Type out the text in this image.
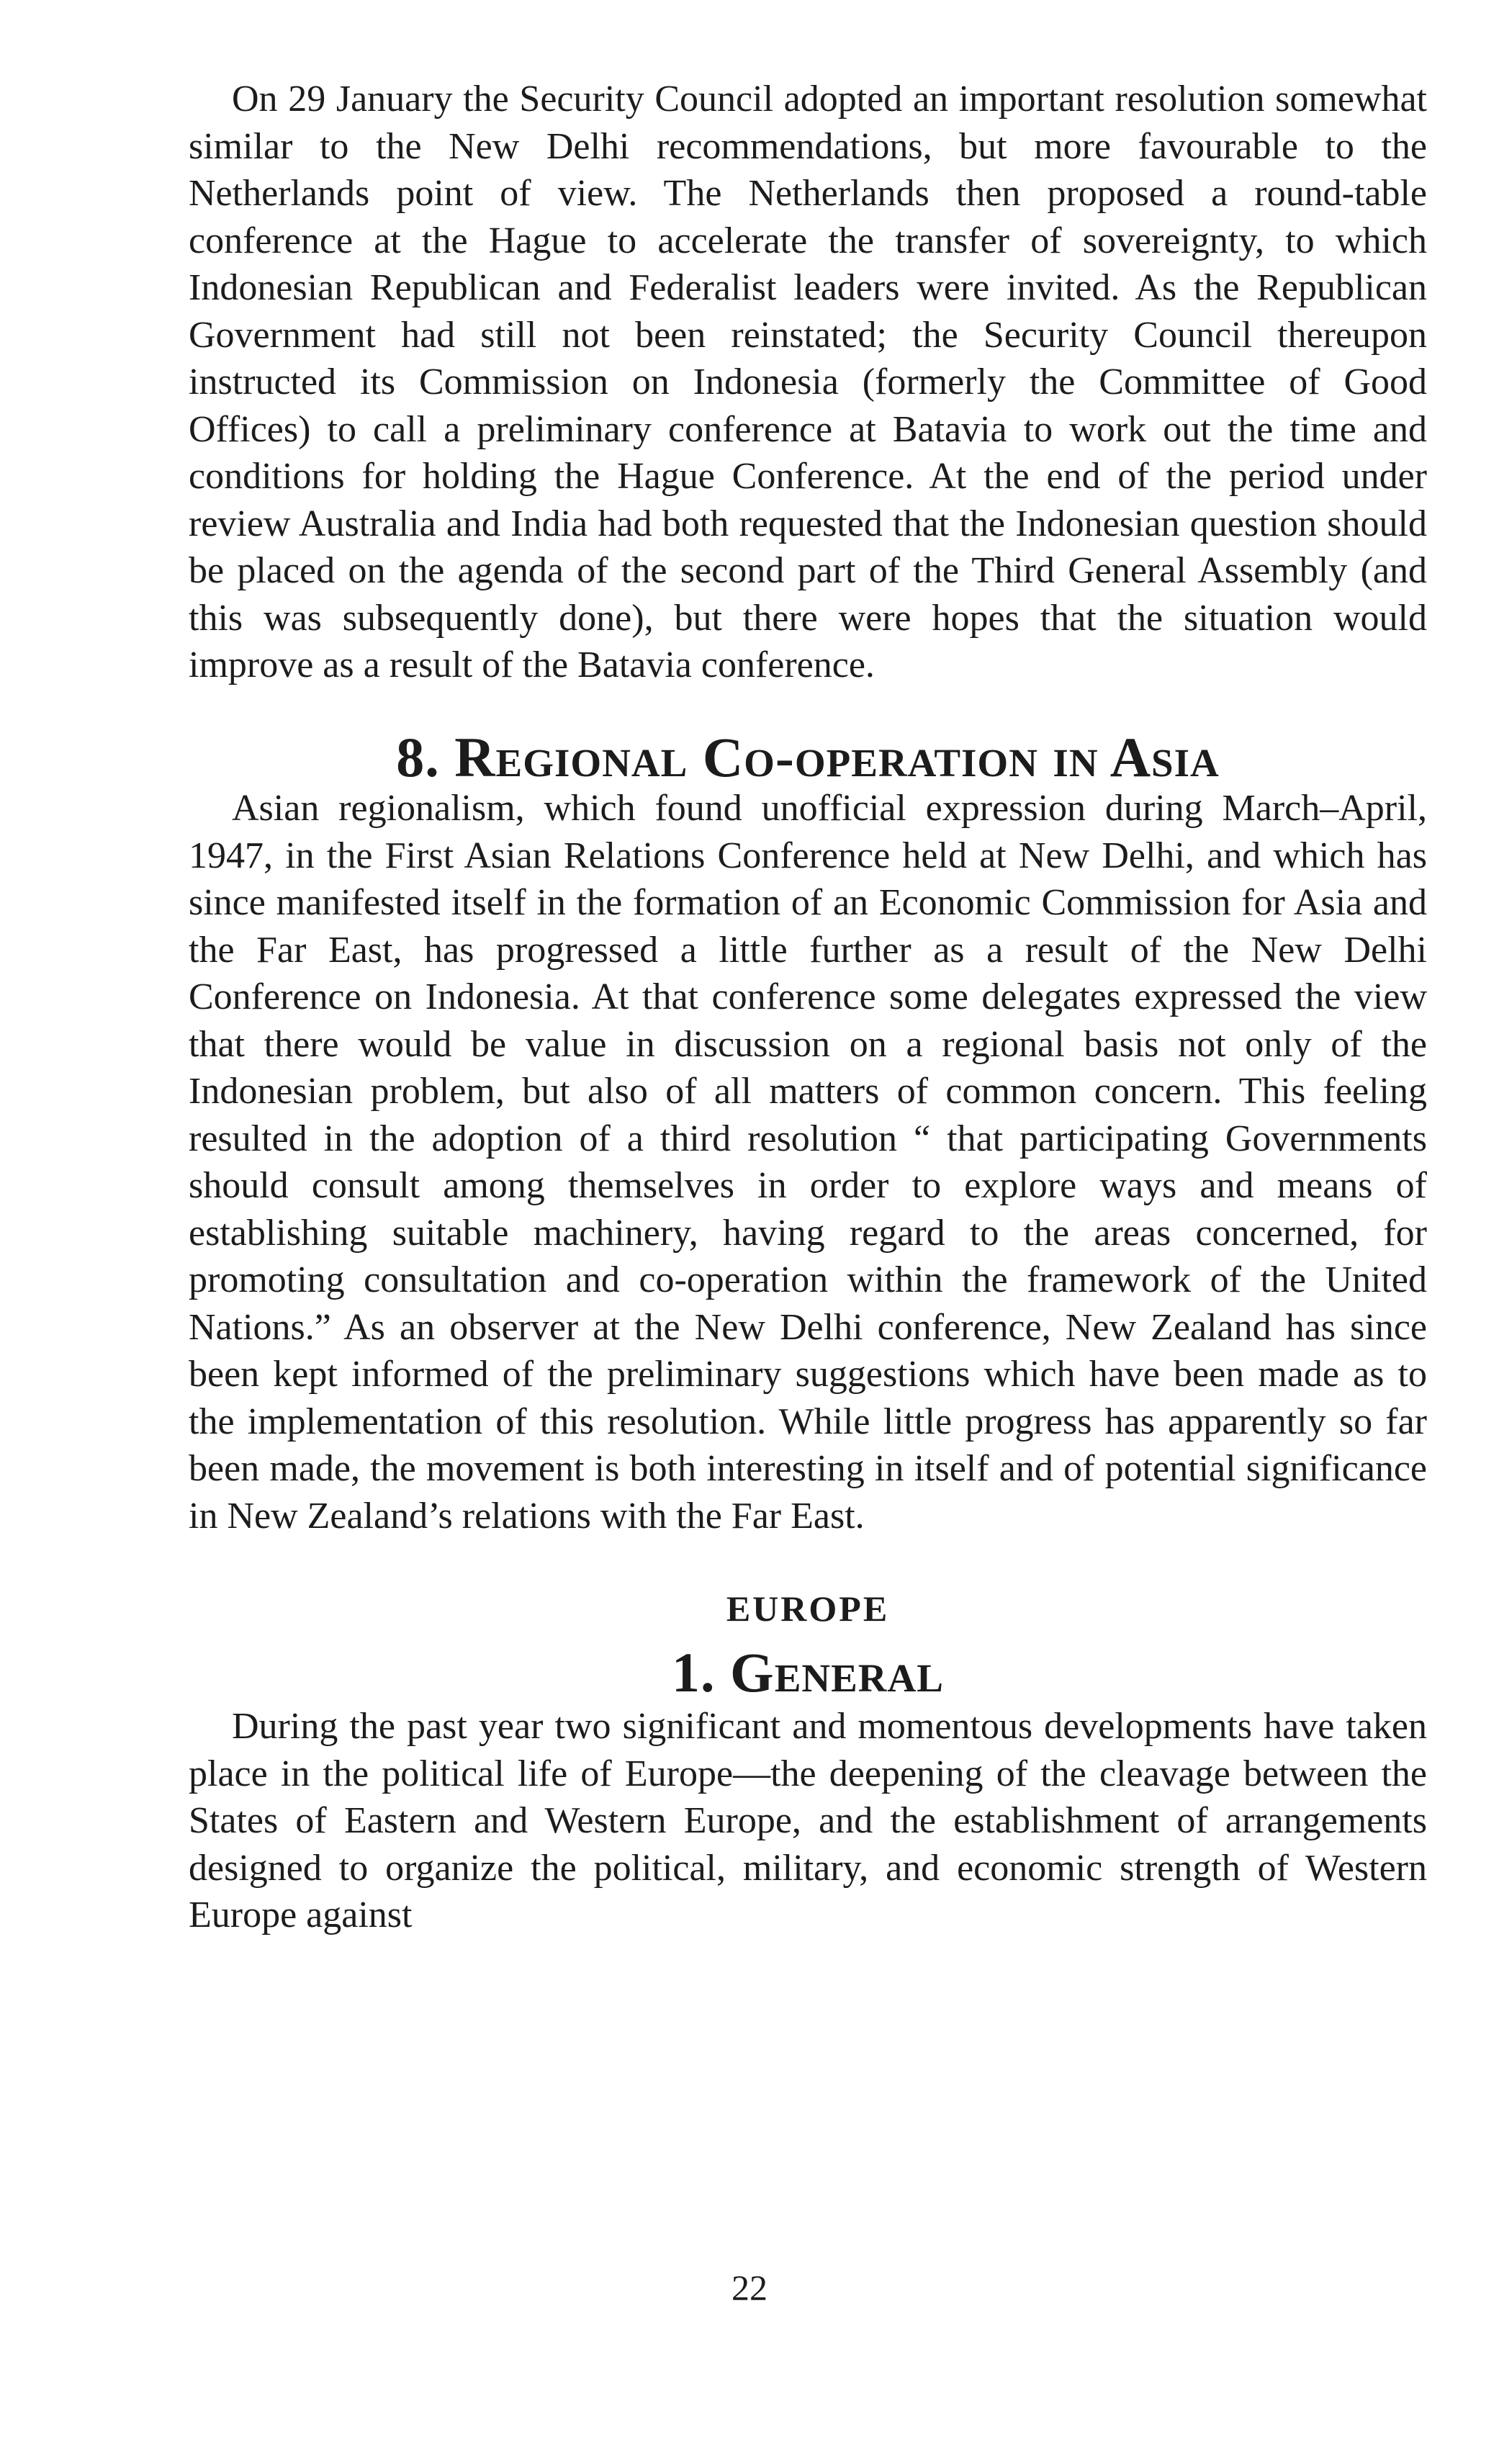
On 29 January the Security Council adopted an important resolution somewhat similar to the New Delhi recommendations, but more favourable to the Netherlands point of view. The Netherlands then proposed a round-table conference at the Hague to accelerate the transfer of sovereignty, to which Indonesian Republican and Federalist leaders were invited. As the Republican Government had still not been reinstated; the Security Council thereupon instructed its Commission on Indonesia (formerly the Committee of Good Offices) to call a preliminary conference at Batavia to work out the time and conditions for holding the Hague Conference. At the end of the period under review Australia and India had both requested that the Indonesian question should be placed on the agenda of the second part of the Third General Assembly (and this was subsequently done), but there were hopes that the situation would improve as a result of the Batavia conference.

8. Regional Co-operation in Asia

Asian regionalism, which found unofficial expression during March–April, 1947, in the First Asian Relations Conference held at New Delhi, and which has since manifested itself in the formation of an Economic Commission for Asia and the Far East, has progressed a little further as a result of the New Delhi Conference on Indonesia. At that conference some delegates expressed the view that there would be value in discussion on a regional basis not only of the Indonesian problem, but also of all matters of common concern. This feeling resulted in the adoption of a third resolution “ that participating Governments should consult among themselves in order to explore ways and means of establishing suitable machinery, having regard to the areas concerned, for promoting consultation and co-operation within the framework of the United Nations.” As an observer at the New Delhi conference, New Zealand has since been kept informed of the preliminary suggestions which have been made as to the implementation of this resolution. While little progress has apparently so far been made, the movement is both interesting in itself and of potential significance in New Zealand’s relations with the Far East.

EUROPE
1. General

During the past year two significant and momentous developments have taken place in the political life of Europe—the deepening of the cleavage between the States of Eastern and Western Europe, and the establishment of arrangements designed to organize the political, military, and economic strength of Western Europe against

22
